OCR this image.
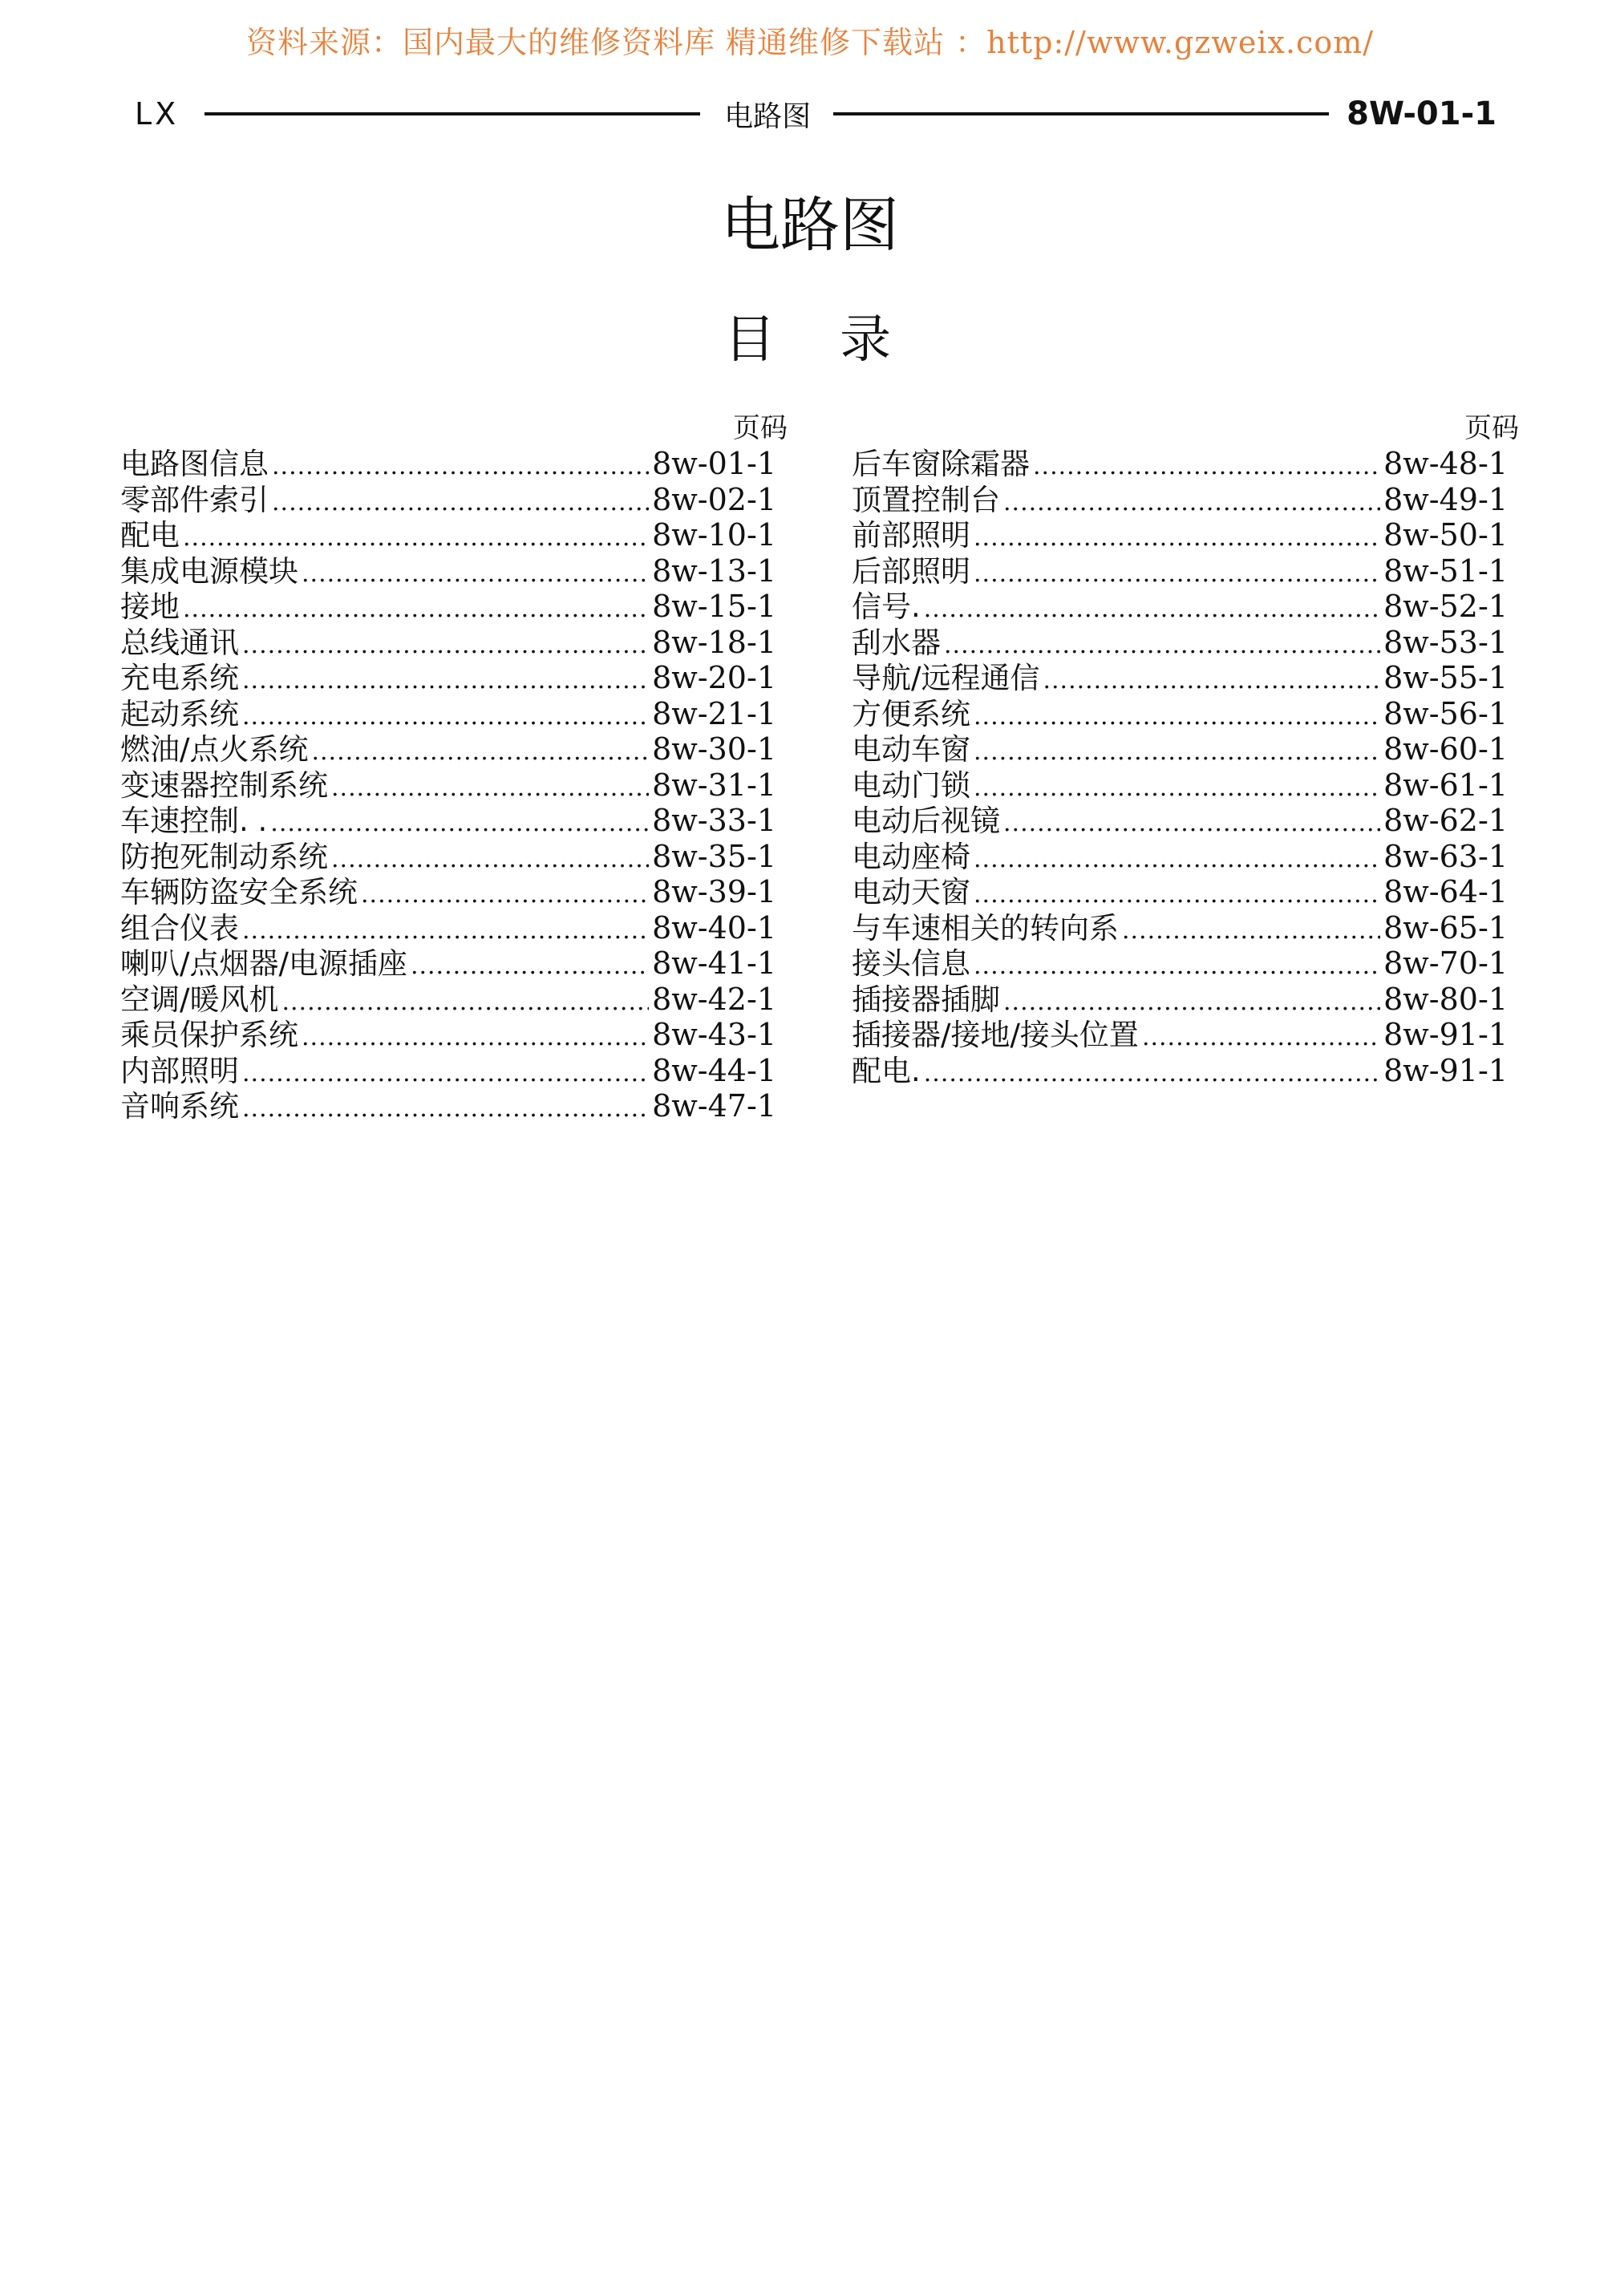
资料来源：国内最大的维修资料库 精通维修下载站 ：http://www.gzweix.com/
LX	电路图	8W-01-1
电路图
目 录
页码
电路图信息 .....	8w-01-1
零部件索引 .....	8w-02-1
配电 .....	8w-10-1
集成电源模块 .....	8w-13-1
接地 .....	8w-15-1
总线通讯 .....	8w-18-1
充电系统 .....	8w-20-1
起动系统 .....	8w-21-1
燃油/点火系统 .....	8w-30-1
变速器控制系统 .....	8w-31-1
车速控制. . .....	8w-33-1
防抱死制动系统 .....	8w-35-1
车辆防盗安全系统 .....	8w-39-1
组合仪表 .....	8w-40-1
喇叭/点烟器/电源插座 .....	8w-41-1
空调/暖风机 .....	8w-42-1
乘员保护系统 .....	8w-43-1
内部照明 .....	8w-44-1
音响系统 .....	8w-47-1
页码
后车窗除霜器 .....	8w-48-1
顶置控制台 .....	8w-49-1
前部照明 .....	8w-50-1
后部照明 .....	8w-51-1
信号. .....	8w-52-1
刮水器 .....	8w-53-1
导航/远程通信 .....	8w-55-1
方便系统 .....	8w-56-1
电动车窗 .....	8w-60-1
电动门锁 .....	8w-61-1
电动后视镜 .....	8w-62-1
电动座椅 .....	8w-63-1
电动天窗 .....	8w-64-1
与车速相关的转向系 .....	8w-65-1
接头信息 .....	8w-70-1
插接器插脚 .....	8w-80-1
插接器/接地/接头位置 .....	8w-91-1
配电. .....	8w-91-1
